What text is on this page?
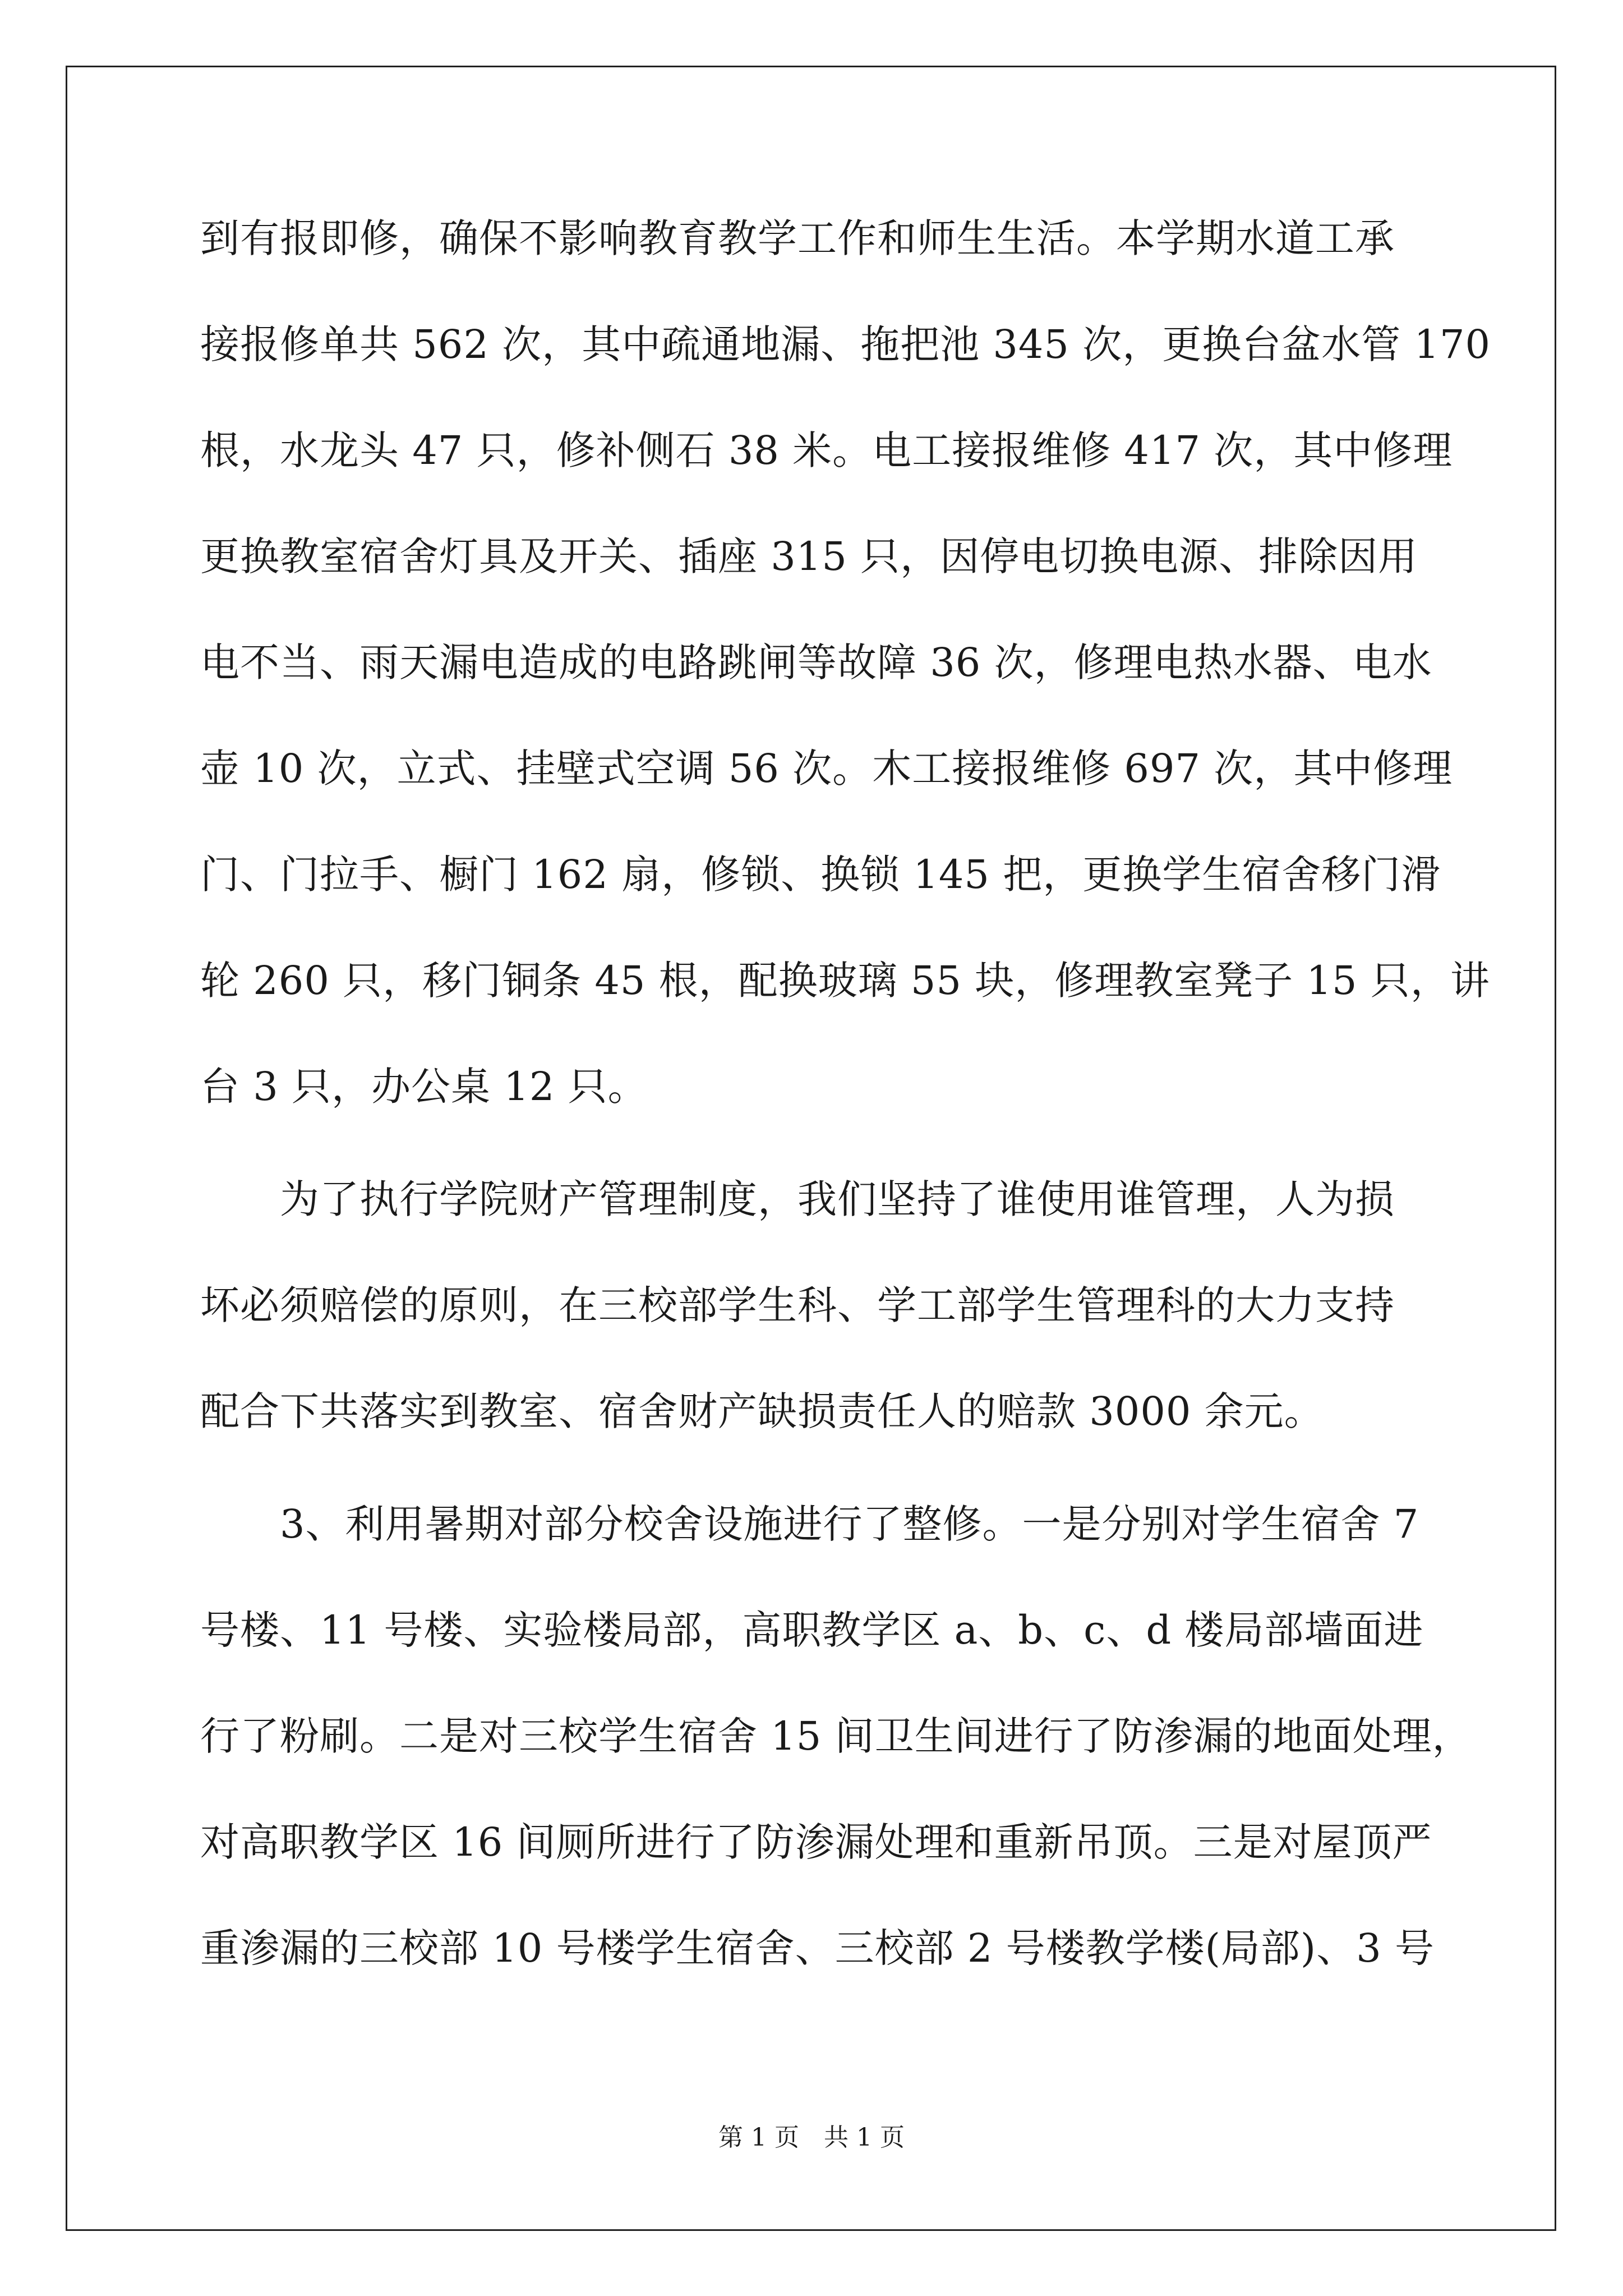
到有报即修，确保不影响教育教学工作和师生生活。本学期水道工承
接报修单共 562 次，其中疏通地漏、拖把池 345 次，更换台盆水管 170
根，水龙头 47 只，修补侧石 38 米。电工接报维修 417 次，其中修理
更换教室宿舍灯具及开关、插座 315 只，因停电切换电源、排除因用
电不当、雨天漏电造成的电路跳闸等故障 36 次，修理电热水器、电水
壶 10 次，立式、挂壁式空调 56 次。木工接报维修 697 次，其中修理
门、门拉手、橱门 162 扇，修锁、换锁 145 把，更换学生宿舍移门滑
轮 260 只，移门铜条 45 根，配换玻璃 55 块，修理教室凳子 15 只，讲
台 3 只，办公桌 12 只。
　　为了执行学院财产管理制度，我们坚持了谁使用谁管理，人为损
坏必须赔偿的原则，在三校部学生科、学工部学生管理科的大力支持
配合下共落实到教室、宿舍财产缺损责任人的赔款 3000 余元。
　　3、利用暑期对部分校舍设施进行了整修。一是分别对学生宿舍 7
号楼、11 号楼、实验楼局部，高职教学区 a、b、c、d 楼局部墙面进
行了粉刷。二是对三校学生宿舍 15 间卫生间进行了防渗漏的地面处理，
对高职教学区 16 间厕所进行了防渗漏处理和重新吊顶。三是对屋顶严
重渗漏的三校部 10 号楼学生宿舍、三校部 2 号楼教学楼(局部)、3 号
第 1 页　共 1 页
